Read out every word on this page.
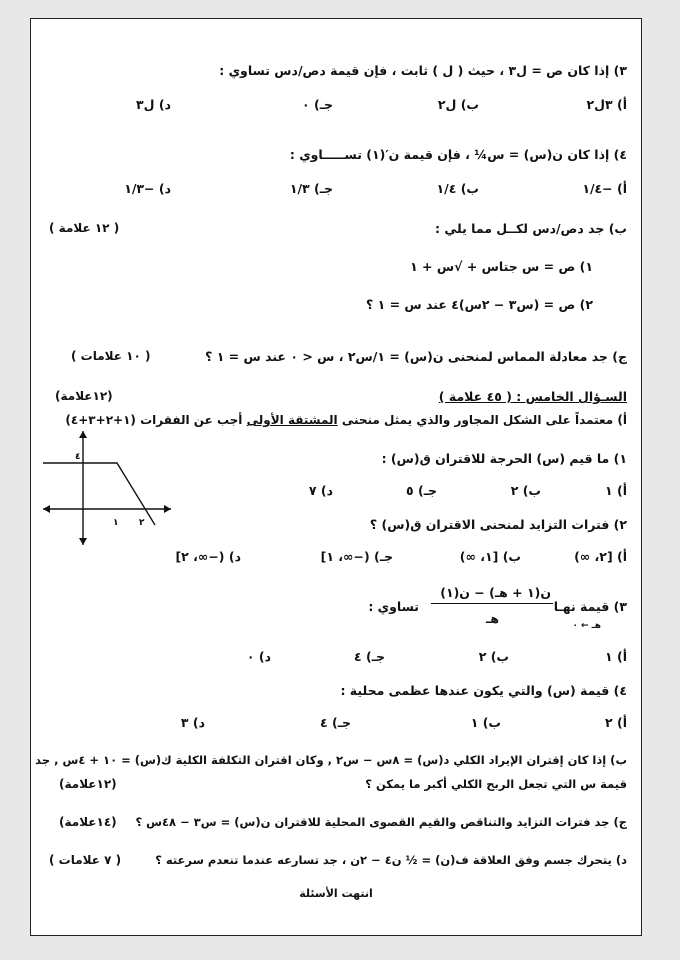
٣) إذا كان ص = ل٣ ، حيث ( ل ) ثابت ، فإن قيمة دص/دس تساوي :
أ) ٣ل٢
ب) ل٢
جـ) ٠
د) ل٣
٤) إذا كان ن(س) = س¼ ، فإن قيمة ن′(١) تســـــاوي :
أ) −١/٤
ب) ١/٤
جـ) ١/٣
د) −١/٣
ب) جد دص/دس لكــل مما يلي :
( ١٢ علامة )
١) ص = س جتاس + √س + ١
٢) ص = (س٣ − ٢س)٤ عند س = ١ ؟
ج) جد معادلة المماس لمنحنى ن(س) = ١/س٢ ، س < ٠ عند س = ١ ؟
( ١٠ علامات )
السـؤال الخامس : ( ٤٥ علامة )
(١٢علامة)
أ) معتمداً على الشكل المجاور والذي يمثل منحنى المشتقة الأولى أجب عن الفقرات (١+٢+٣+٤)
٤
١ ٢
١) ما قيم (س) الحرجة للاقتران ق(س) :
أ) ١
ب) ٢
جـ) ٥
د) ٧
٢) فترات التزايد لمنحنى الاقتران ق(س) ؟
أ) [٢، ∞)
ب) [١، ∞)
جـ) (−∞، ١]
د) (−∞، ٢]
٣) قيمة نهـا
هـ ← ٠
ن(١ + هـ) − ن(١)
هـ
تساوي :
أ) ١
ب) ٢
جـ) ٤
د) ٠
٤) قيمة (س) والتي يكون عندها عظمى محلية :
أ) ٢
ب) ١
جـ) ٤
د) ٣
ب) إذا كان إقتران الإيراد الكلي د(س) = ٨س − س٢ , وكان اقتران التكلفة الكلية ك(س) = ١٠ + ٤س , جد
قيمة س التي تجعل الربح الكلي أكبر ما يمكن ؟
(١٢علامة)
ج) جد فترات التزايد والتناقص والقيم القصوى المحلية للاقتران ن(س) = س٣ − ٤٨س ؟
(١٤علامة)
د) يتحرك جسم وفق العلاقة ف(ن) = ½ ن٤ − ٢ن ، جد تسارعه عندما تنعدم سرعته ؟
( ٧ علامات )
انتهت الأسئلة
